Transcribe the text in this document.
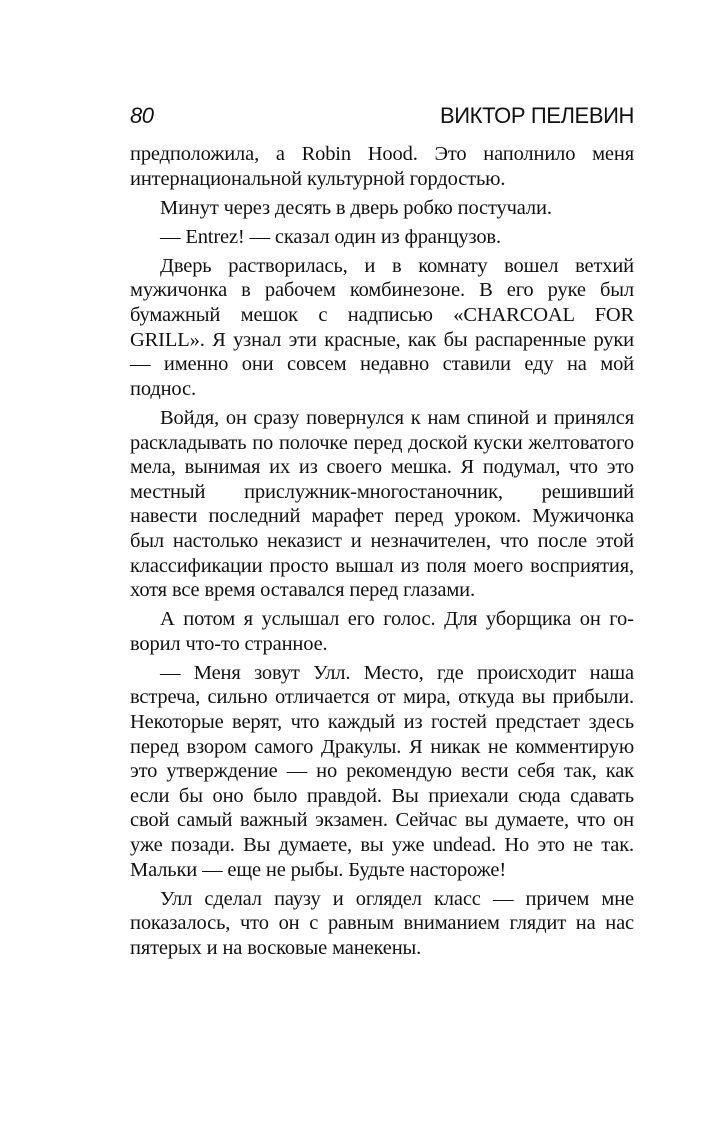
80	ВИКТОР ПЕЛЕВИН

предположила, а Robin Hood. Это наполнило меня интернациональной культурной гордостью.

Минут через десять в дверь робко постучали.

— Entrez! — сказал один из французов.

Дверь растворилась, и в комнату вошел ветхий мужичонка в рабочем комбинезоне. В его руке был бумажный мешок с надписью «CHARCOAL FOR GRILL». Я узнал эти красные, как бы распаренные руки — именно они совсем недавно ставили еду на мой поднос.

Войдя, он сразу повернулся к нам спиной и принялся раскладывать по полочке перед доской куски желтоватого мела, вынимая их из своего мешка. Я подумал, что это местный прислужник-многостаночник, решивший навести последний марафет перед уроком. Мужичонка был настолько неказист и незначителен, что после этой классификации просто вышал из поля моего восприятия, хотя все время оставался перед глазами.

А потом я услышал его голос. Для уборщика он говорил что-то странное.

— Меня зовут Улл. Место, где происходит наша встреча, сильно отличается от мира, откуда вы прибыли. Некоторые верят, что каждый из гостей предстает здесь перед взором самого Дракулы. Я никак не комментирую это утверждение — но рекомендую вести себя так, как если бы оно было правдой. Вы приехали сюда сдавать свой самый важный экзамен. Сейчас вы думаете, что он уже позади. Вы думаете, вы уже undead. Но это не так. Мальки — еще не рыбы. Будьте настороже!

Улл сделал паузу и оглядел класс — причем мне показалось, что он с равным вниманием глядит на нас пятерых и на восковые манекены.
